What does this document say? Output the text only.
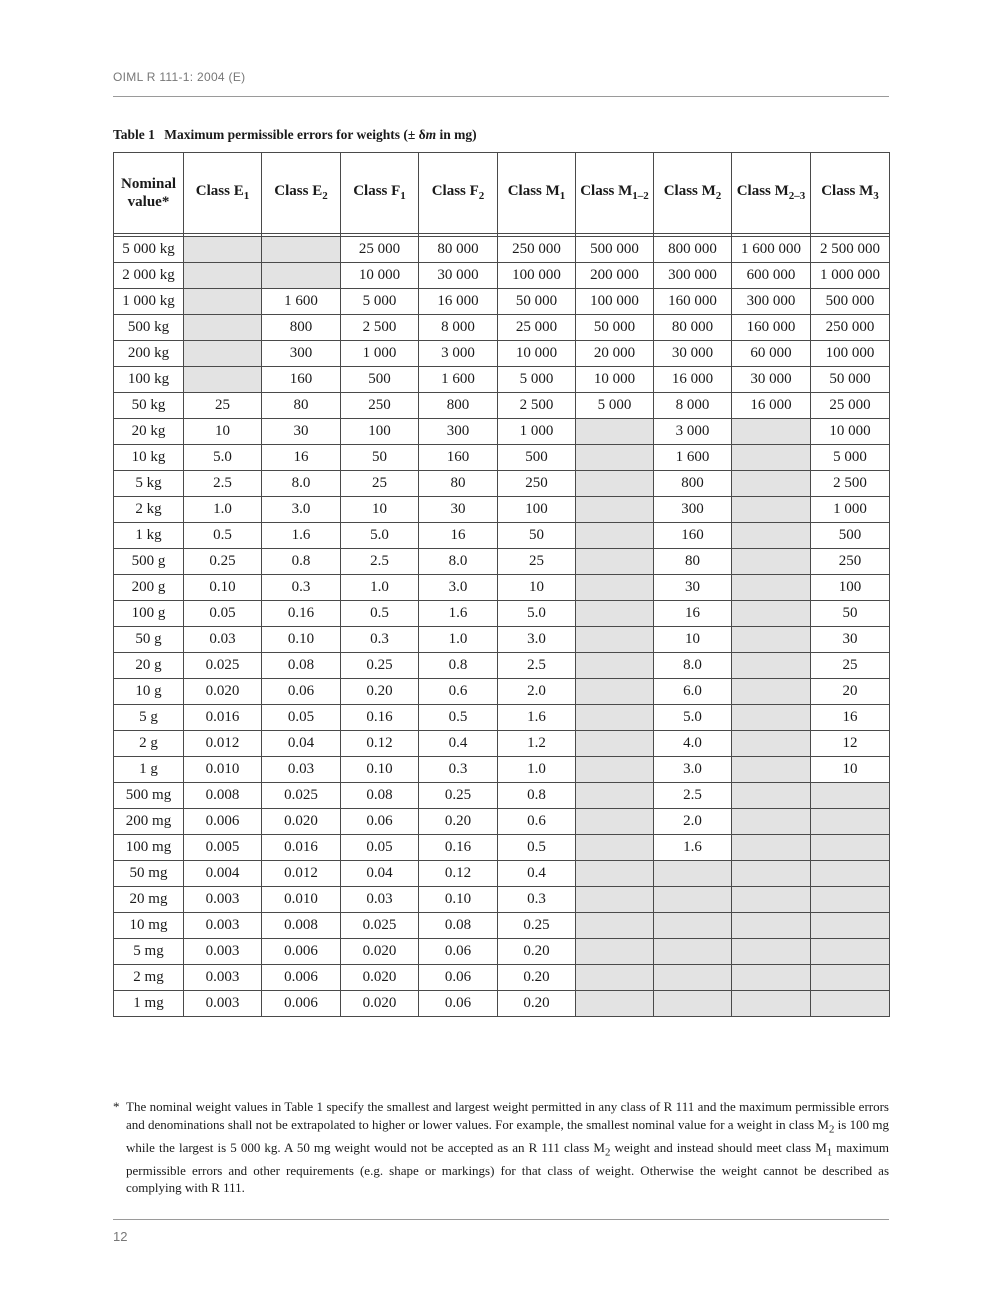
OIML R 111-1: 2004 (E)
Table 1 Maximum permissible errors for weights (± δm in mg)
Nominal
value*	Class $E_1$	Class $E_2$	Class $F_1$	Class $F_2$	Class $M_1$	Class $M_{1-2}$	Class $M_2$	Class $M_{2-3}$	Class $M_3$

5 000 kg			25 000	80 000	250 000	500 000	800 000	1 600 000	2 500 000
2 000 kg			10 000	30 000	100 000	200 000	300 000	600 000	1 000 000
1 000 kg		1 600	5 000	16 000	50 000	100 000	160 000	300 000	500 000
500 kg		800	2 500	8 000	25 000	50 000	80 000	160 000	250 000
200 kg		300	1 000	3 000	10 000	20 000	30 000	60 000	100 000
100 kg		160	500	1 600	5 000	10 000	16 000	30 000	50 000
50 kg	25	80	250	800	2 500	5 000	8 000	16 000	25 000
20 kg	10	30	100	300	1 000		3 000		10 000
10 kg	5.0	16	50	160	500		1 600		5 000
5 kg	2.5	8.0	25	80	250		800		2 500
2 kg	1.0	3.0	10	30	100		300		1 000
1 kg	0.5	1.6	5.0	16	50		160		500
500 g	0.25	0.8	2.5	8.0	25		80		250
200 g	0.10	0.3	1.0	3.0	10		30		100
100 g	0.05	0.16	0.5	1.6	5.0		16		50
50 g	0.03	0.10	0.3	1.0	3.0		10		30
20 g	0.025	0.08	0.25	0.8	2.5		8.0		25
10 g	0.020	0.06	0.20	0.6	2.0		6.0		20
5 g	0.016	0.05	0.16	0.5	1.6		5.0		16
2 g	0.012	0.04	0.12	0.4	1.2		4.0		12
1 g	0.010	0.03	0.10	0.3	1.0		3.0		10
500 mg	0.008	0.025	0.08	0.25	0.8		2.5		
200 mg	0.006	0.020	0.06	0.20	0.6		2.0		
100 mg	0.005	0.016	0.05	0.16	0.5		1.6		
50 mg	0.004	0.012	0.04	0.12	0.4				
20 mg	0.003	0.010	0.03	0.10	0.3				
10 mg	0.003	0.008	0.025	0.08	0.25				
5 mg	0.003	0.006	0.020	0.06	0.20				
2 mg	0.003	0.006	0.020	0.06	0.20				
1 mg	0.003	0.006	0.020	0.06	0.20				
* The nominal weight values in Table 1 specify the smallest and largest weight permitted in any class of R 111 and the maximum permissible errors and denominations shall not be extrapolated to higher or lower values. For example, the smallest nominal value for a weight in class $M_2$ is 100 mg while the largest is 5 000 kg. A 50 mg weight would not be accepted as an R 111 class $M_2$ weight and instead should meet class $M_1$ maximum permissible errors and other requirements (e.g. shape or markings) for that class of weight. Otherwise the weight cannot be described as complying with R 111.
12
